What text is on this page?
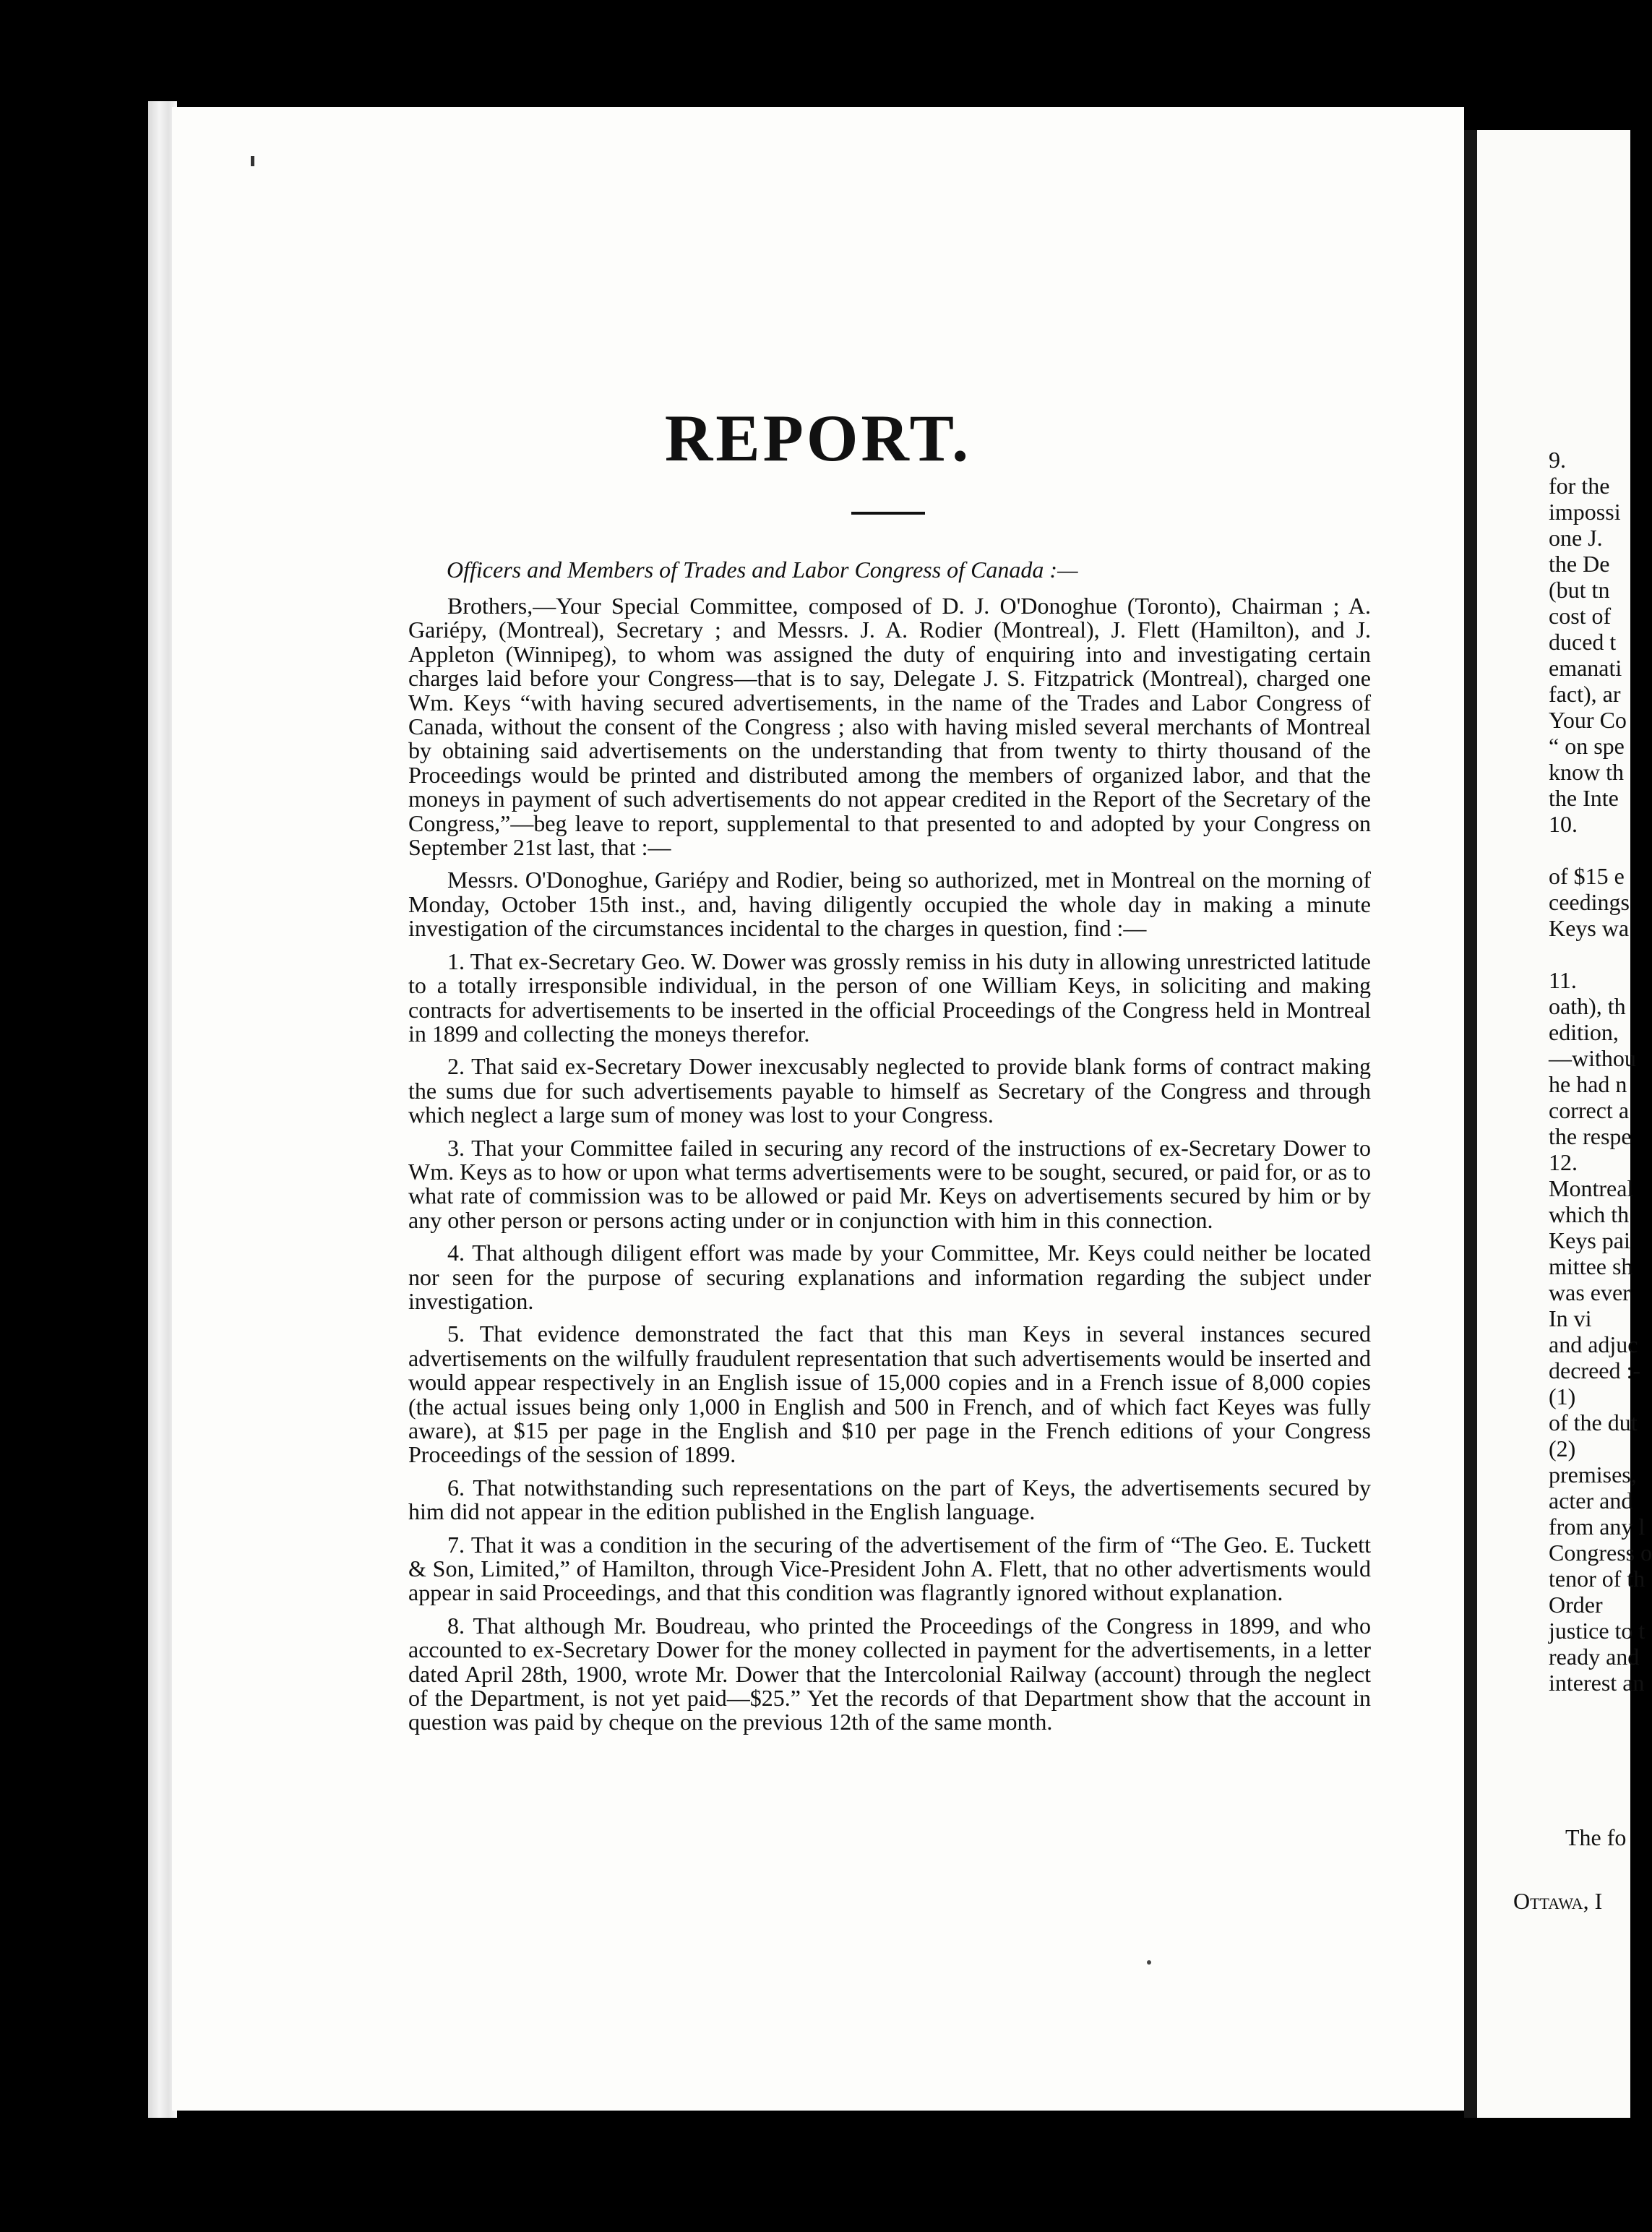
REPORT.

Officers and Members of Trades and Labor Congress of Canada :—

Brothers,—Your Special Committee, composed of D. J. O'Donoghue (Toronto), Chairman ; A. Gariépy, (Montreal), Secretary ; and Messrs. J. A. Rodier (Montreal), J. Flett (Hamilton), and J. Appleton (Winnipeg), to whom was assigned the duty of enquiring into and investigating certain charges laid before your Congress—that is to say, Delegate J. S. Fitzpatrick (Montreal), charged one Wm. Keys “with having secured advertisements, in the name of the Trades and Labor Congress of Canada, without the consent of the Congress ; also with having misled several merchants of Montreal by obtaining said advertisements on the understanding that from twenty to thirty thousand of the Proceedings would be printed and distributed among the members of organized labor, and that the moneys in payment of such advertisements do not appear credited in the Report of the Secretary of the Congress,”—beg leave to report, supplemental to that presented to and adopted by your Congress on September 21st last, that :—

Messrs. O'Donoghue, Gariépy and Rodier, being so authorized, met in Montreal on the morning of Monday, October 15th inst., and, having diligently occupied the whole day in making a minute investigation of the circumstances incidental to the charges in question, find :—

1. That ex-Secretary Geo. W. Dower was grossly remiss in his duty in allowing unrestricted latitude to a totally irresponsible individual, in the person of one William Keys, in soliciting and making contracts for advertisements to be inserted in the official Proceedings of the Congress held in Montreal in 1899 and collecting the moneys therefor.

2. That said ex-Secretary Dower inexcusably neglected to provide blank forms of contract making the sums due for such advertisements payable to himself as Secretary of the Congress and through which neglect a large sum of money was lost to your Congress.

3. That your Committee failed in securing any record of the instructions of ex-Secretary Dower to Wm. Keys as to how or upon what terms advertisements were to be sought, secured, or paid for, or as to what rate of commission was to be allowed or paid Mr. Keys on advertisements secured by him or by any other person or persons acting under or in conjunction with him in this connection.

4. That although diligent effort was made by your Committee, Mr. Keys could neither be located nor seen for the purpose of securing explanations and information regarding the subject under investigation.

5. That evidence demonstrated the fact that this man Keys in several instances secured advertisements on the wilfully fraudulent representation that such advertisements would be inserted and would appear respectively in an English issue of 15,000 copies and in a French issue of 8,000 copies (the actual issues being only 1,000 in English and 500 in French, and of which fact Keyes was fully aware), at $15 per page in the English and $10 per page in the French editions of your Congress Proceedings of the session of 1899.

6. That notwithstanding such representations on the part of Keys, the advertisements secured by him did not appear in the edition published in the English language.

7. That it was a condition in the securing of the advertisement of the firm of “The Geo. E. Tuckett & Son, Limited,” of Hamilton, through Vice-President John A. Flett, that no other advertisments would appear in said Proceedings, and that this condition was flagrantly ignored without explanation.

8. That although Mr. Boudreau, who printed the Proceedings of the Congress in 1899, and who accounted to ex-Secretary Dower for the money collected in payment for the advertisements, in a letter dated April 28th, 1900, wrote Mr. Dower that the Intercolonial Railway (account) through the neglect of the Department, is not yet paid—$25.” Yet the records of that Department show that the account in question was paid by cheque on the previous 12th of the same month.

9.
for the
impossi
one J.
the De
(but tn
cost of
duced t
emanati
fact), ar
Your Co
“ on spe
know th
the Inte
10.
of $15 e
ceedings
Keys wa
11.
oath), th
edition,
—withou
he had n
correct a
the respe
12.
Montreal
which th
Keys pai
mittee sh
was ever
In vi
and adjuc
decreed :-
(1)
of the dut
(2)
premises,
acter and
from any l
Congress o
tenor of th
Order
justice to t
ready and
interest an
The fo
Ottawa, I
